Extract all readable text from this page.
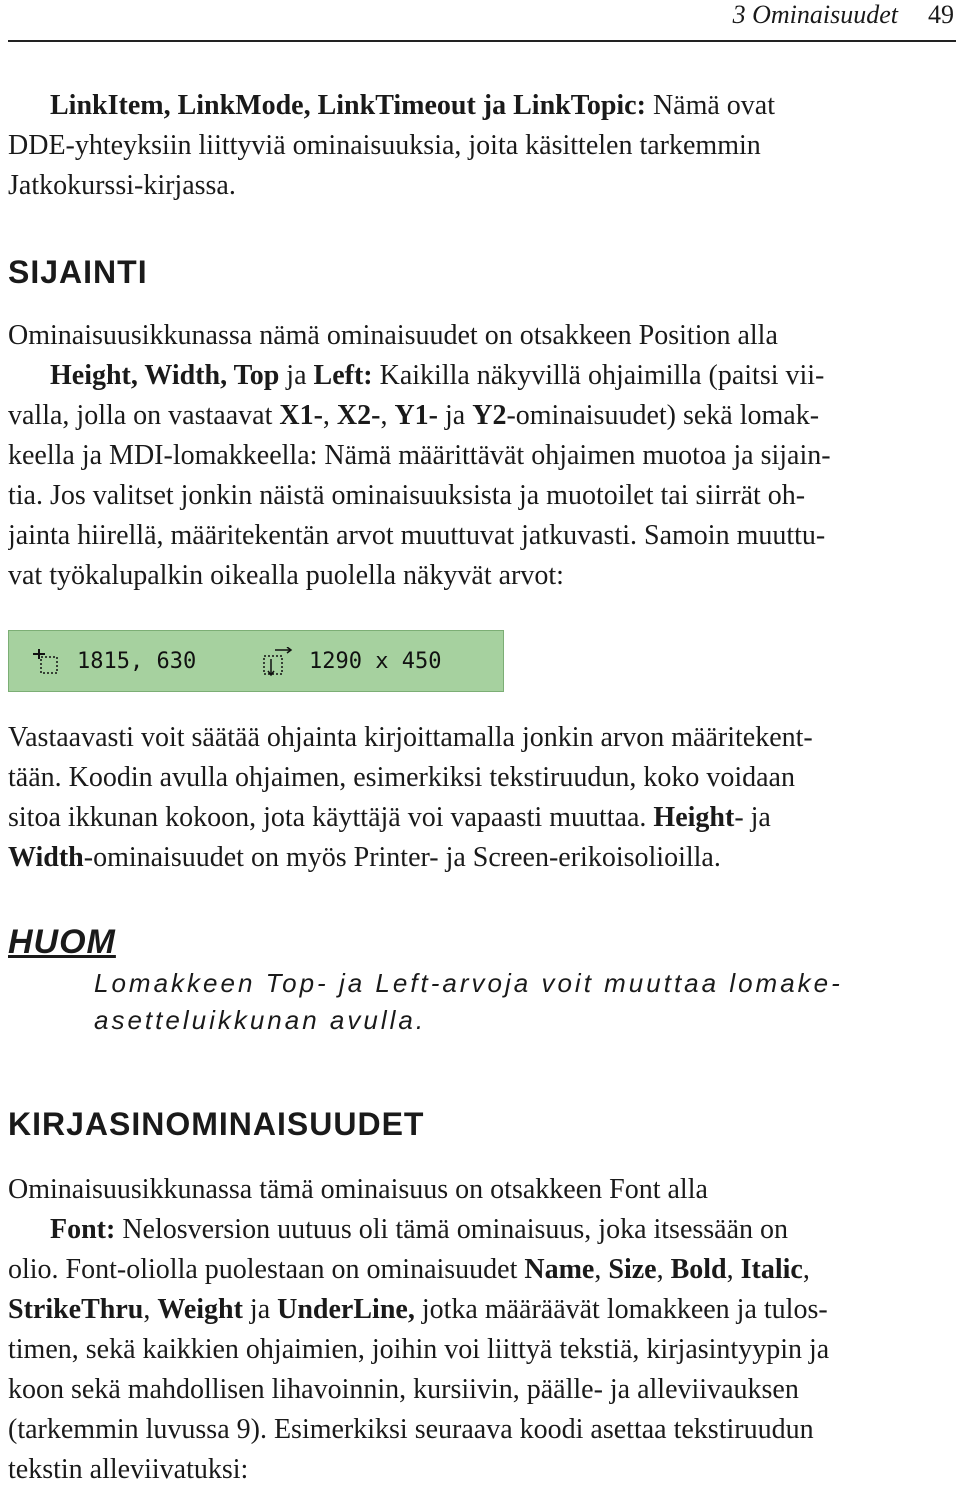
3 Ominaisuudet 49

LinkItem, LinkMode, LinkTimeout ja LinkTopic: Nämä ovat
DDE-yhteyksiin liittyviä ominaisuuksia, joita käsittelen tarkemmin
Jatkokurssi-kirjassa.

SIJAINTI

Ominaisuusikkunassa nämä ominaisuudet on otsakkeen Position alla
Height, Width, Top ja Left: Kaikilla näkyvillä ohjaimilla (paitsi vii-
valla, jolla on vastaavat X1-, X2-, Y1- ja Y2-ominaisuudet) sekä lomak-
keella ja MDI-lomakkeella: Nämä määrittävät ohjaimen muotoa ja sijain-
tia. Jos valitset jonkin näistä ominaisuuksista ja muotoilet tai siirrät oh-
jainta hiirellä, määritekentän arvot muuttuvat jatkuvasti. Samoin muuttu-
vat työkalupalkin oikealla puolella näkyvät arvot:

1815, 630	1290 x 450

Vastaavasti voit säätää ohjainta kirjoittamalla jonkin arvon määritekent-
tään. Koodin avulla ohjaimen, esimerkiksi tekstiruudun, koko voidaan
sitoa ikkunan kokoon, jota käyttäjä voi vapaasti muuttaa. Height- ja
Width-ominaisuudet on myös Printer- ja Screen-erikoisolioilla.

HUOM

Lomakkeen Top- ja Left-arvoja voit muuttaa lomake-
asetteluikkunan avulla.

KIRJASINOMINAISUUDET

Ominaisuusikkunassa tämä ominaisuus on otsakkeen Font alla
Font: Nelosversion uutuus oli tämä ominaisuus, joka itsessään on
olio. Font-oliolla puolestaan on ominaisuudet Name, Size, Bold, Italic,
StrikeThru, Weight ja UnderLine, jotka määräävät lomakkeen ja tulos-
timen, sekä kaikkien ohjaimien, joihin voi liittyä tekstiä, kirjasintyypin ja
koon sekä mahdollisen lihavoinnin, kursiivin, päälle- ja alleviivauksen
(tarkemmin luvussa 9). Esimerkiksi seuraava koodi asettaa tekstiruudun
tekstin alleviivatuksi:
